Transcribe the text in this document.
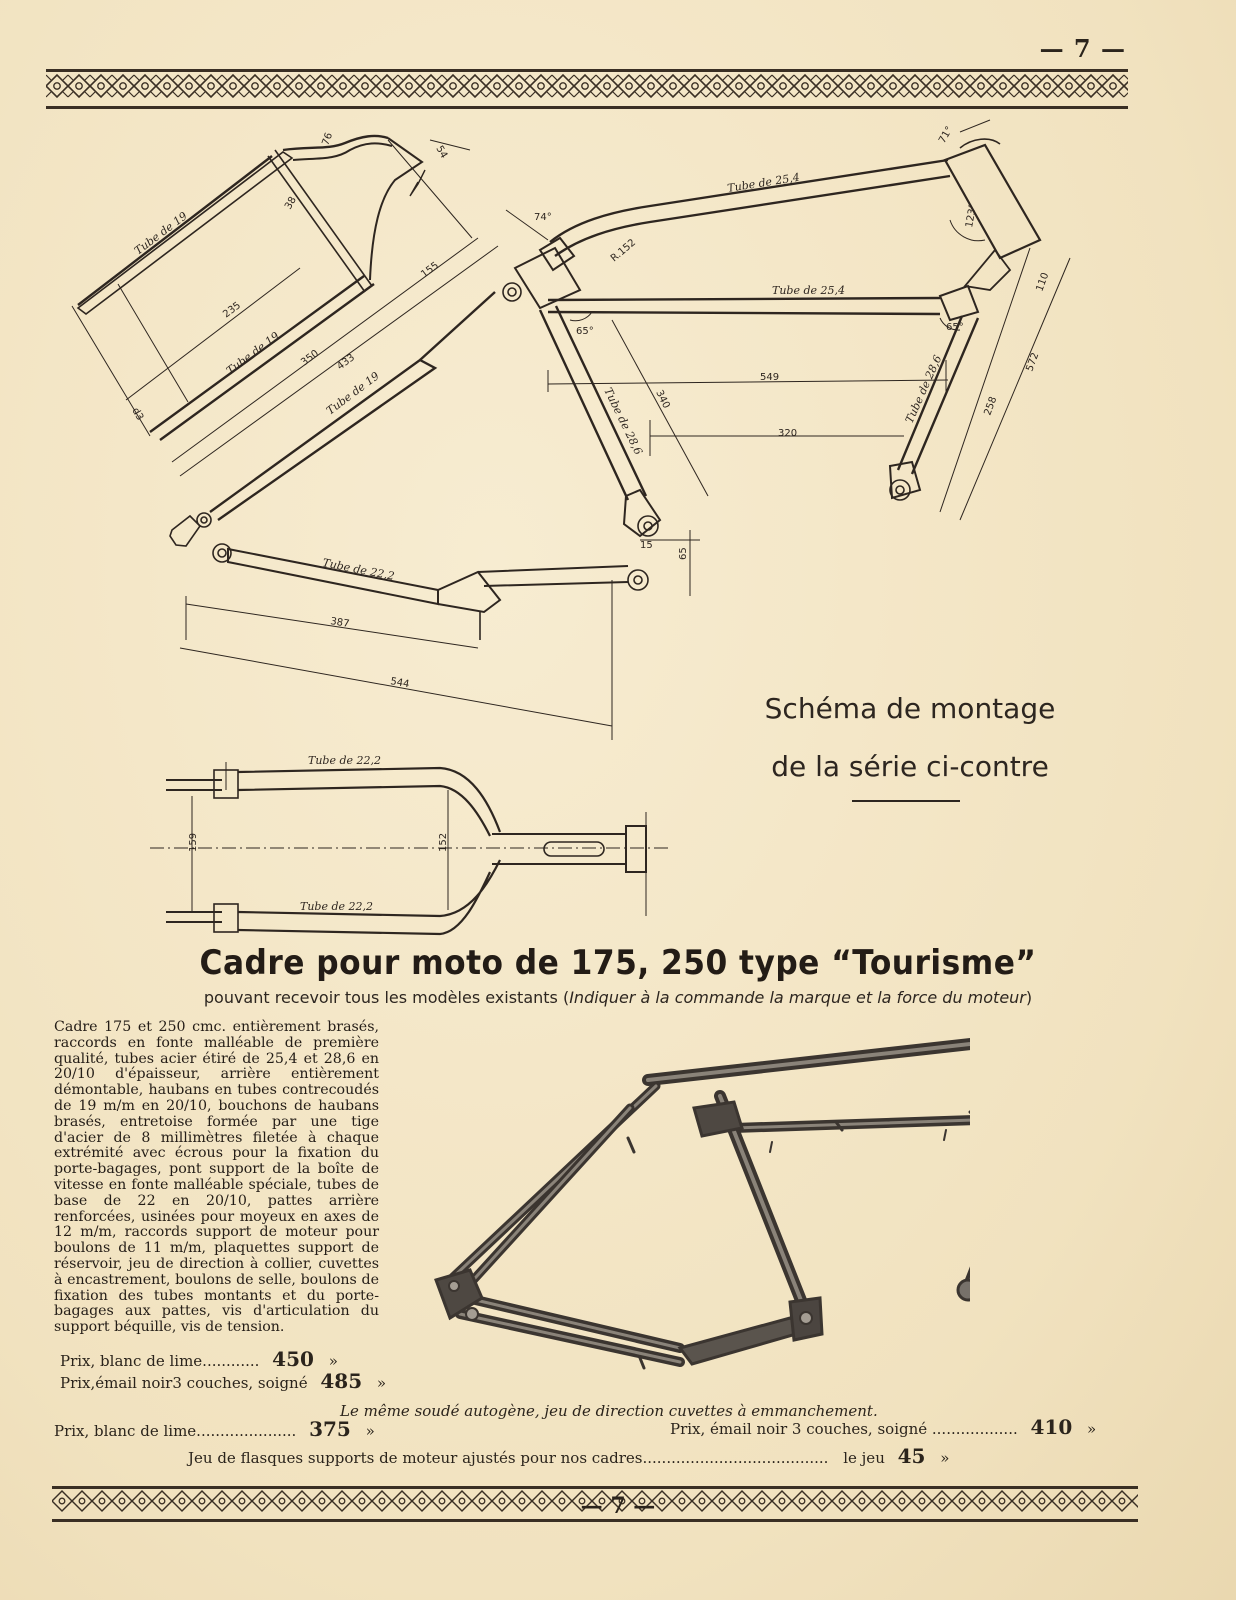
— 7 —
Tube de 19
Tube de 19
Tube de 19
Tube de 25,4
Tube de 25,4
Tube de 28,6	Tube de 28,6
Tube de 22,2
Tube de 22,2
Tube de 22,2
76
54
38
235
350 433
155
d3
R.152
74°
71°
123°
65°	65°
549
320
340
110
572
258
15
65
387
544
159	152
Schéma de montage
de la série ci-contre
Cadre pour moto de 175, 250 type “Tourisme”
pouvant recevoir tous les modèles existants (Indiquer à la commande la marque et la force du moteur)

Cadre 175 et 250 cmc. entièrement brasés, raccords en fonte malléable de première qualité, tubes acier étiré de 25,4 et 28,6 en 20/10 d'épaisseur, arrière entièrement démontable, haubans en tubes contrecoudés de 19 m/m en 20/10, bouchons de haubans brasés, entretoise formée par une tige d'acier de 8 millimètres filetée à chaque extrémité avec écrous pour la fixation du porte-bagages, pont support de la boîte de vitesse en fonte malléable spéciale, tubes de base de 22 en 20/10, pattes arrière renforcées, usinées pour moyeux en axes de 12 m/m, raccords support de moteur pour boulons de 11 m/m, plaquettes support de réservoir, jeu de direction à collier, cuvettes à encastrement, boulons de selle, boulons de fixation des tubes montants et du porte-bagages aux pattes, vis d'articulation du support béquille, vis de tension.

Prix, blanc de lime............ 450 »
Prix,émail noir3 couches, soigné 485 »
Le même soudé autogène, jeu de direction cuvettes à emmanchement.
Prix, blanc de lime..................... 375 »	Prix, émail noir 3 couches, soigné .................. 410 »
Jeu de flasques supports de moteur ajustés pour nos cadres....................................... le jeu 45 »
— 7 —
